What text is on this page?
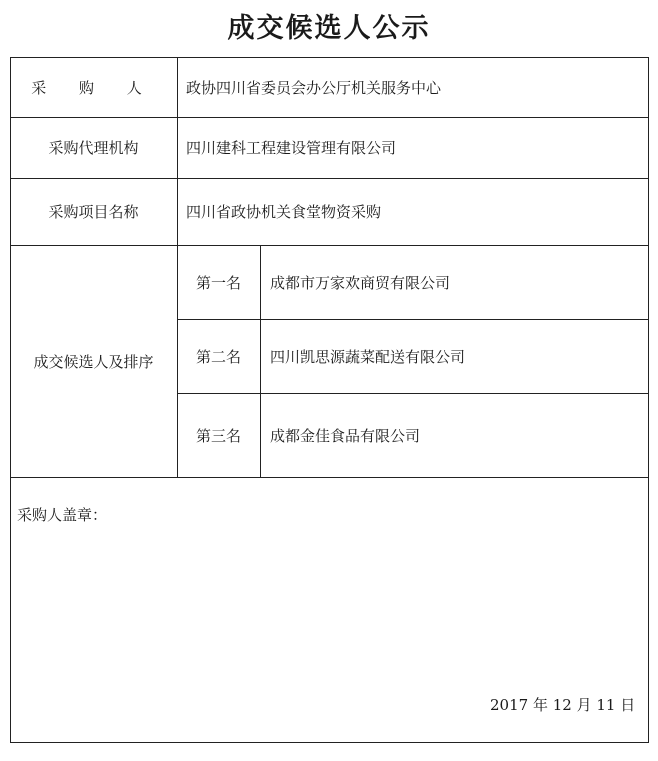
成交候选人公示
采 购 人	政协四川省委员会办公厅机关服务中心
采购代理机构	四川建科工程建设管理有限公司
采购项目名称	四川省政协机关食堂物资采购
成交候选人及排序
第一名	成都市万家欢商贸有限公司
第二名	四川凯思源蔬菜配送有限公司
第三名	成都金佳食品有限公司
采购人盖章：
2017 年 12 月 11 日
